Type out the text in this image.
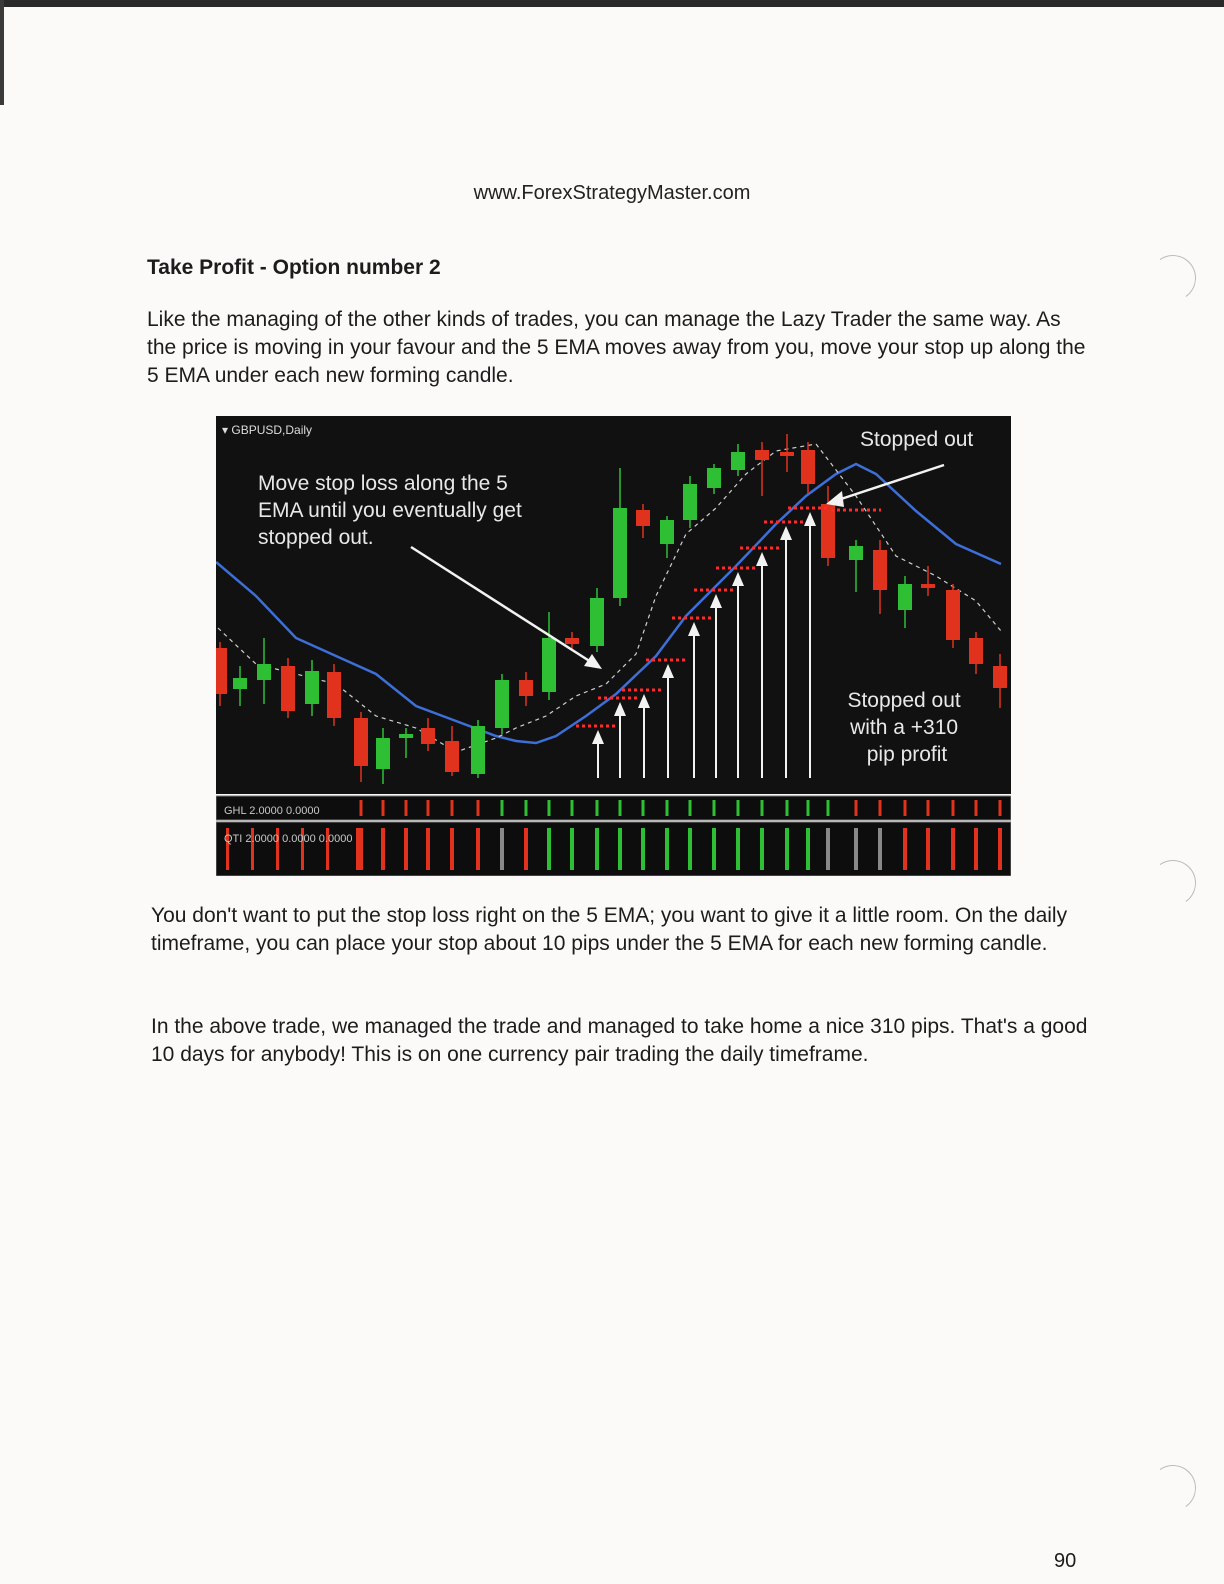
www.ForexStrategyMaster.com
Take Profit - Option number 2

Like the managing of the other kinds of trades, you can manage the Lazy Trader the same way. As the price is moving in your favour and the 5 EMA moves away from you, move your stop up along the 5 EMA under each new forming candle.

▾ GBPUSD,Daily
Move stop loss along the 5 EMA until you eventually get stopped out.
Stopped out
Stopped out with a +310 pip profit
GHL 2.0000 0.0000
QTI 2.0000 0.0000 0.0000

You don't want to put the stop loss right on the 5 EMA; you want to give it a little room. On the daily timeframe, you can place your stop about 10 pips under the 5 EMA for each new forming candle.

In the above trade, we managed the trade and managed to take home a nice 310 pips. That's a good 10 days for anybody! This is on one currency pair trading the daily timeframe.

90
